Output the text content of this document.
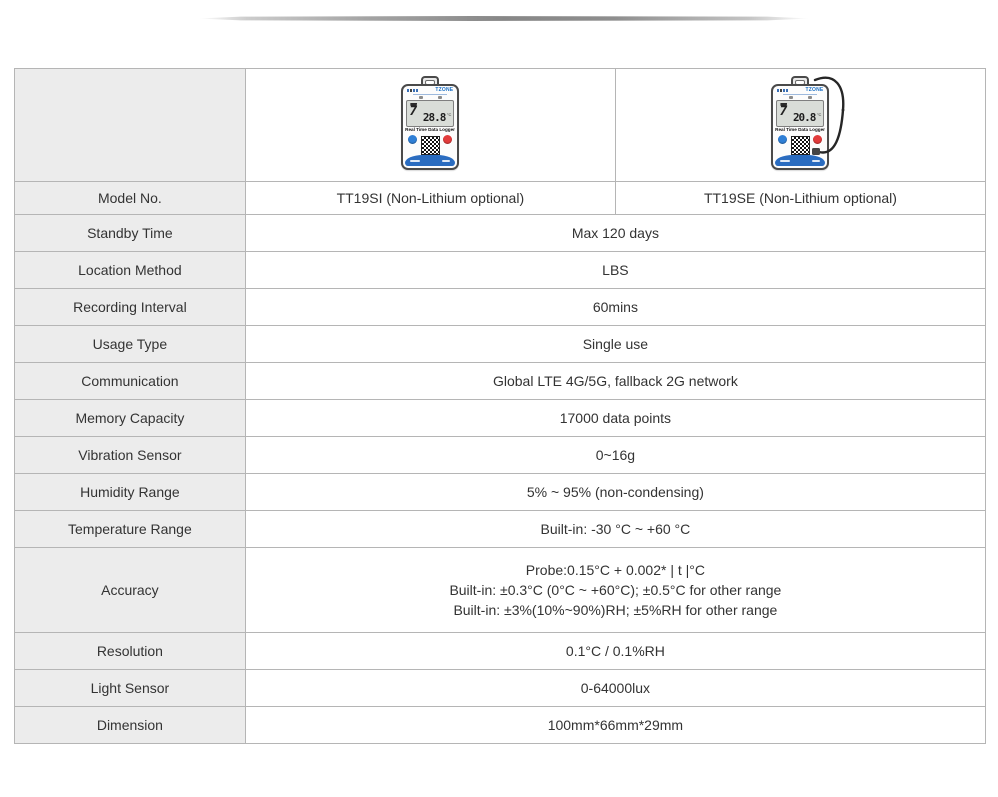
TZONE
7 28.8 °C
Real Time Data Logger

TZONE
7 20.8 °C
Real Time Data Logger

Model No.	TT19SI (Non-Lithium optional)	TT19SE (Non-Lithium optional)
Standby Time	Max 120 days	
Location Method	LBS	
Recording Interval	60mins	
Usage Type	Single use	
Communication	Global LTE 4G/5G, fallback 2G network	
Memory Capacity	17000 data points	
Vibration Sensor	0~16g	
Humidity Range	5% ~ 95% (non-condensing)	
Temperature Range	Built-in: -30 °C ~ +60 °C	
Accuracy	Probe:0.15°C + 0.002* | t |°C
Built-in: ±0.3°C (0°C ~ +60°C); ±0.5°C for other range
Built-in: ±3%(10%~90%)RH; ±5%RH for other range	

Resolution	0.1°C / 0.1%RH	
Light Sensor	0-64000lux	
Dimension	100mm*66mm*29mm	
